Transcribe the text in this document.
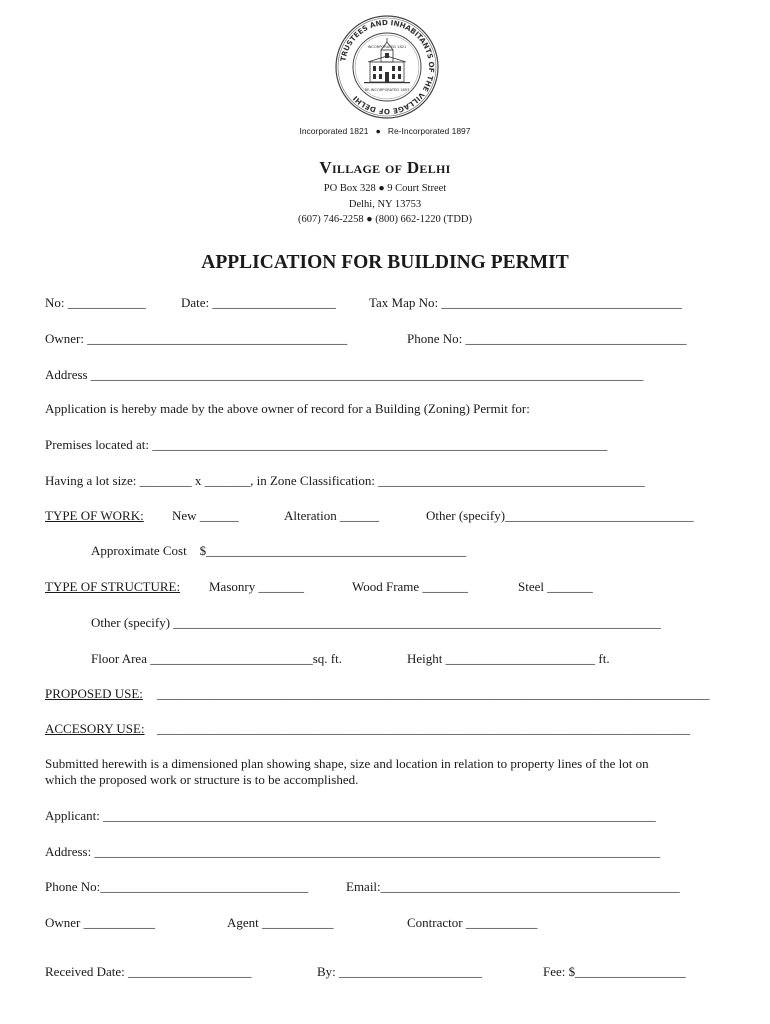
TRUSTEES AND INHABITANTS OF THE VILLAGE OF DELHI
INCORPORATED 1821
RE-INCORPORATED 1897
Incorporated 1821   ●   Re-Incorporated 1897
Village of Delhi
PO Box 328 ● 9 Court Street
Delhi, NY 13753
(607) 746-2258 ● (800) 662-1220 (TDD)
APPLICATION FOR BUILDING PERMIT
No: ____________	Date: ___________________	Tax Map No: _____________________________________
Owner: ________________________________________	Phone No: __________________________________
Address _____________________________________________________________________________________
Application is hereby made by the above owner of record for a Building (Zoning) Permit for:
Premises located at: ______________________________________________________________________
Having a lot size: ________ x _______, in Zone Classification: _________________________________________
TYPE OF WORK: New ______	Alteration ______	Other (specify)_____________________________
Approximate Cost    $________________________________________
TYPE OF STRUCTURE: Masonry _______	Wood Frame _______	Steel _______
Other (specify) ___________________________________________________________________________
Floor Area _________________________sq. ft.	Height _______________________ ft.
PROPOSED USE: _____________________________________________________________________________________
ACCESORY USE: __________________________________________________________________________________
Submitted herewith is a dimensioned plan showing shape, size and location in relation to property lines of the lot on
which the proposed work or structure is to be accomplished.
Applicant: _____________________________________________________________________________________
Address: _______________________________________________________________________________________
Phone No:________________________________	Email:______________________________________________
Owner ___________	Agent ___________	Contractor ___________
Received Date: ___________________	By: ______________________	Fee: $_________________
